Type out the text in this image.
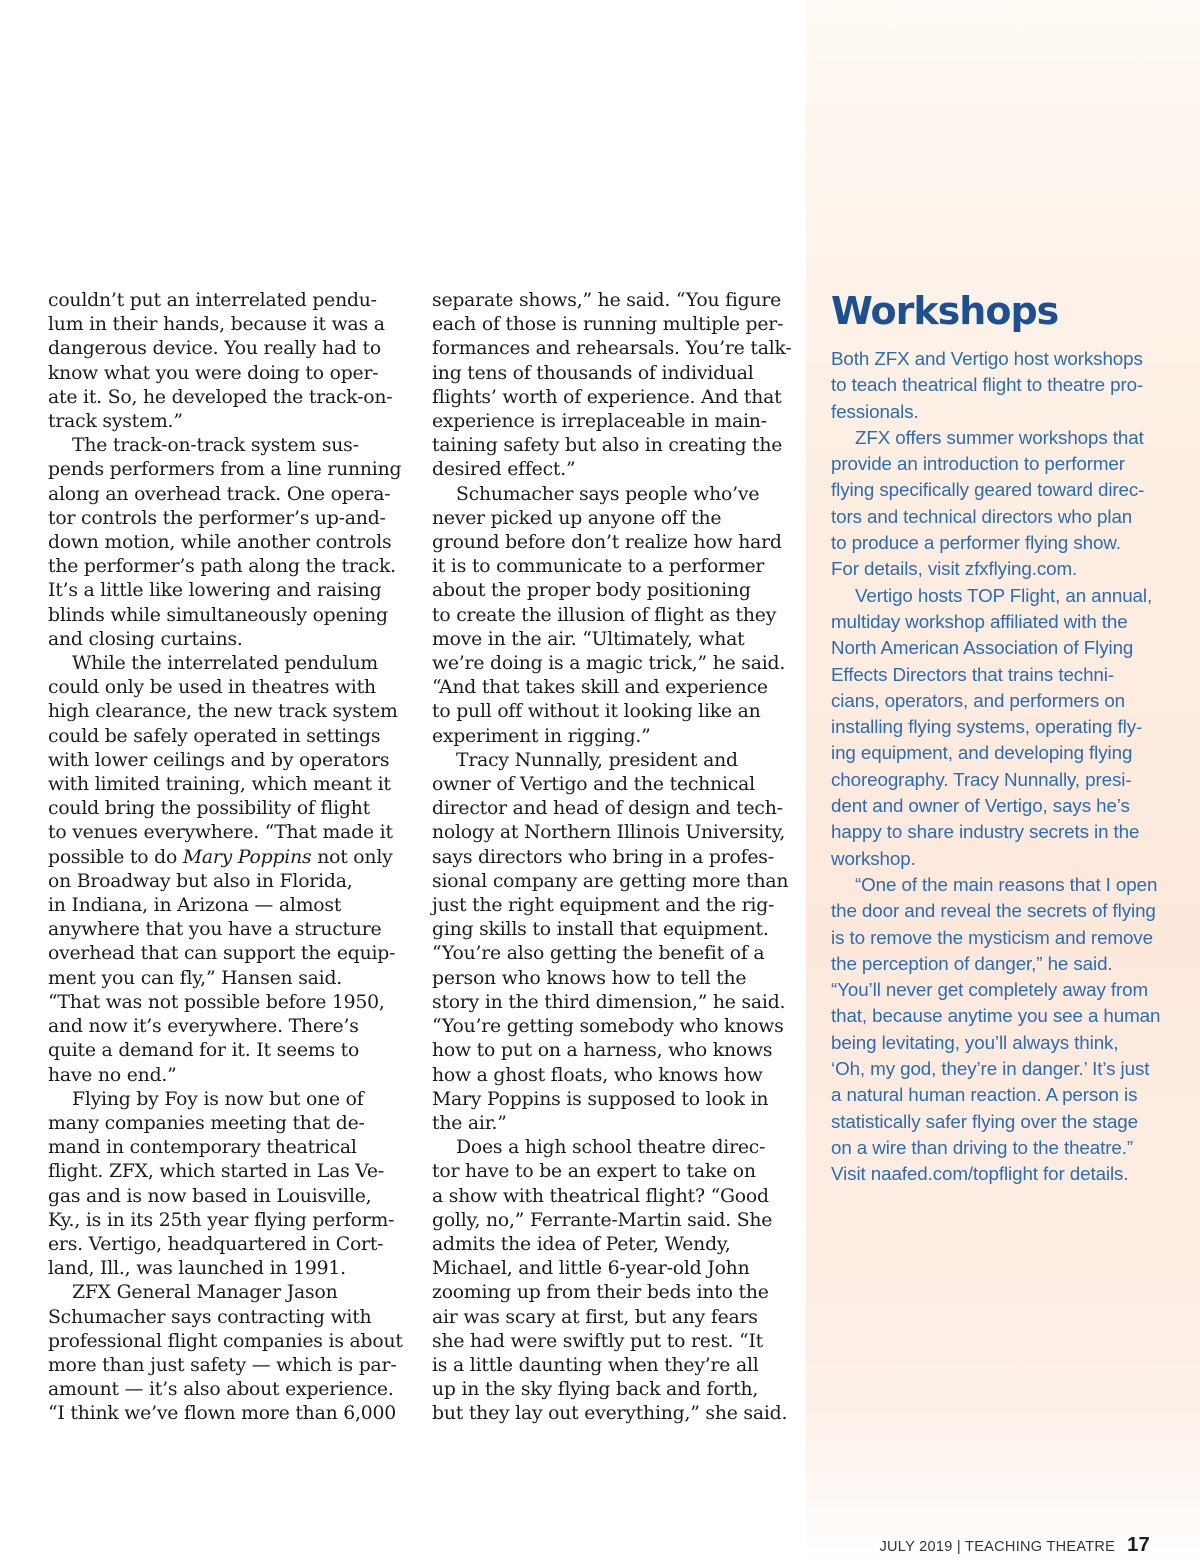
couldn’t put an interrelated pendu-
lum in their hands, because it was a
dangerous device. You really had to
know what you were doing to oper-
ate it. So, he developed the track-on-
track system.”
The track-on-track system sus-
pends performers from a line running
along an overhead track. One opera-
tor controls the performer’s up-and-
down motion, while another controls
the performer’s path along the track.
It’s a little like lowering and raising
blinds while simultaneously opening
and closing curtains.
While the interrelated pendulum
could only be used in theatres with
high clearance, the new track system
could be safely operated in settings
with lower ceilings and by operators
with limited training, which meant it
could bring the possibility of flight
to venues everywhere. “That made it
possible to do Mary Poppins not only
on Broadway but also in Florida,
in Indiana, in Arizona — almost
anywhere that you have a structure
overhead that can support the equip-
ment you can fly,” Hansen said.
“That was not possible before 1950,
and now it’s everywhere. There’s
quite a demand for it. It seems to
have no end.”
Flying by Foy is now but one of
many companies meeting that de-
mand in contemporary theatrical
flight. ZFX, which started in Las Ve-
gas and is now based in Louisville,
Ky., is in its 25th year flying perform-
ers. Vertigo, headquartered in Cort-
land, Ill., was launched in 1991.
ZFX General Manager Jason
Schumacher says contracting with
professional flight companies is about
more than just safety — which is par-
amount — it’s also about experience.
“I think we’ve flown more than 6,000
separate shows,” he said. “You figure
each of those is running multiple per-
formances and rehearsals. You’re talk-
ing tens of thousands of individual
flights’ worth of experience. And that
experience is irreplaceable in main-
taining safety but also in creating the
desired effect.”
Schumacher says people who’ve
never picked up anyone off the
ground before don’t realize how hard
it is to communicate to a performer
about the proper body positioning
to create the illusion of flight as they
move in the air. “Ultimately, what
we’re doing is a magic trick,” he said.
“And that takes skill and experience
to pull off without it looking like an
experiment in rigging.”
Tracy Nunnally, president and
owner of Vertigo and the technical
director and head of design and tech-
nology at Northern Illinois University,
says directors who bring in a profes-
sional company are getting more than
just the right equipment and the rig-
ging skills to install that equipment.
“You’re also getting the benefit of a
person who knows how to tell the
story in the third dimension,” he said.
“You’re getting somebody who knows
how to put on a harness, who knows
how a ghost floats, who knows how
Mary Poppins is supposed to look in
the air.”
Does a high school theatre direc-
tor have to be an expert to take on
a show with theatrical flight? “Good
golly, no,” Ferrante-Martin said. She
admits the idea of Peter, Wendy,
Michael, and little 6-year-old John
zooming up from their beds into the
air was scary at first, but any fears
she had were swiftly put to rest. “It
is a little daunting when they’re all
up in the sky flying back and forth,
but they lay out everything,” she said.
Workshops
Both ZFX and Vertigo host workshops
to teach theatrical flight to theatre pro-
fessionals.
ZFX offers summer workshops that
provide an introduction to performer
flying specifically geared toward direc-
tors and technical directors who plan
to produce a performer flying show.
For details, visit zfxflying.com.
Vertigo hosts TOP Flight, an annual,
multiday workshop affiliated with the
North American Association of Flying
Effects Directors that trains techni-
cians, operators, and performers on
installing flying systems, operating fly-
ing equipment, and developing flying
choreography. Tracy Nunnally, presi-
dent and owner of Vertigo, says he’s
happy to share industry secrets in the
workshop.
“One of the main reasons that I open
the door and reveal the secrets of flying
is to remove the mysticism and remove
the perception of danger,” he said.
“You’ll never get completely away from
that, because anytime you see a human
being levitating, you’ll always think,
‘Oh, my god, they’re in danger.’ It’s just
a natural human reaction. A person is
statistically safer flying over the stage
on a wire than driving to the theatre.”
Visit naafed.com/topflight for details.
JULY 2019 | TEACHING THEATRE 17
